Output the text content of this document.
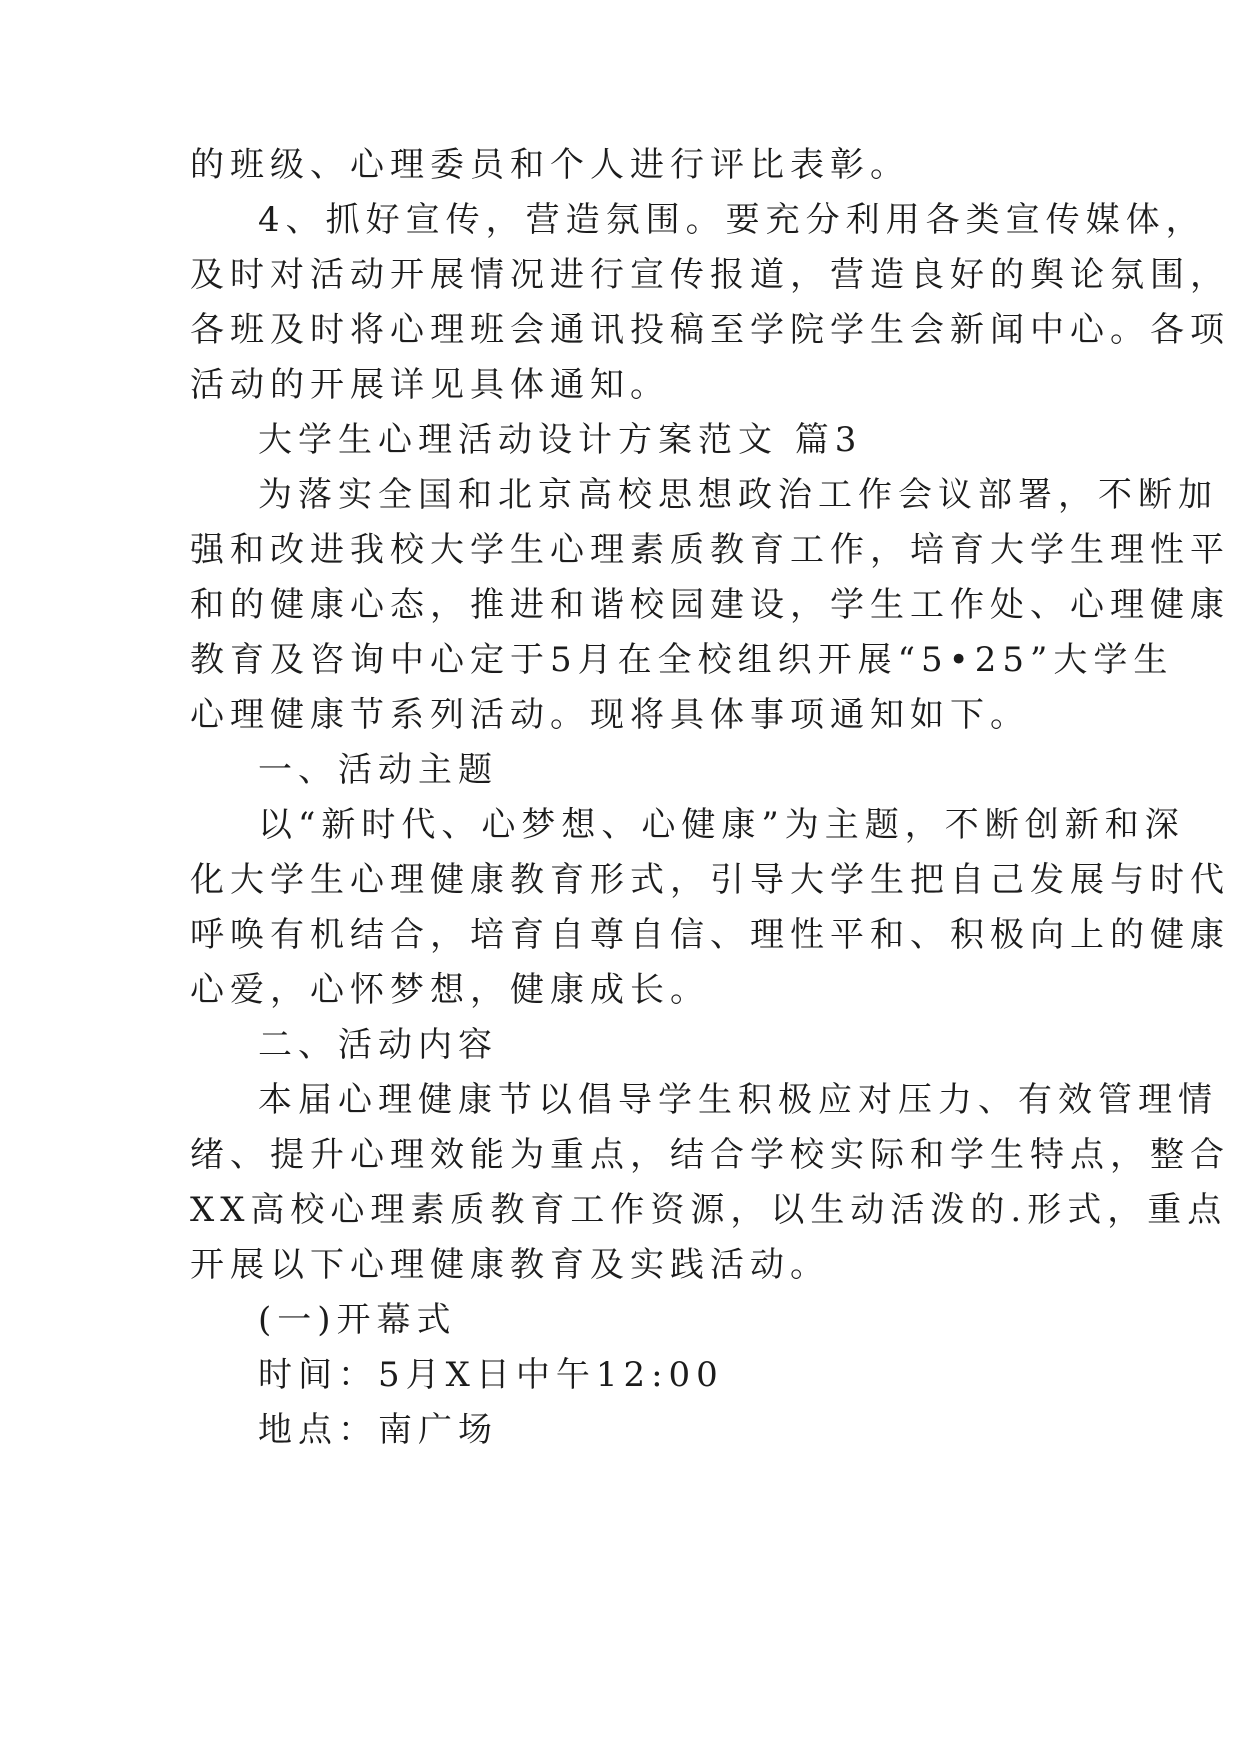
的班级、心理委员和个人进行评比表彰。
4、抓好宣传，营造氛围。要充分利用各类宣传媒体，
及时对活动开展情况进行宣传报道，营造良好的舆论氛围，
各班及时将心理班会通讯投稿至学院学生会新闻中心。各项
活动的开展详见具体通知。
大学生心理活动设计方案范文 篇3
为落实全国和北京高校思想政治工作会议部署，不断加
强和改进我校大学生心理素质教育工作，培育大学生理性平
和的健康心态，推进和谐校园建设，学生工作处、心理健康
教育及咨询中心定于5月在全校组织开展“5•25”大学生
心理健康节系列活动。现将具体事项通知如下。
一、活动主题
以“新时代、心梦想、心健康”为主题，不断创新和深
化大学生心理健康教育形式，引导大学生把自己发展与时代
呼唤有机结合，培育自尊自信、理性平和、积极向上的健康
心爱，心怀梦想，健康成长。
二、活动内容
本届心理健康节以倡导学生积极应对压力、有效管理情
绪、提升心理效能为重点，结合学校实际和学生特点，整合
XX高校心理素质教育工作资源，以生动活泼的.形式，重点
开展以下心理健康教育及实践活动。
(一)开幕式
时间：5月X日中午12:00
地点：南广场
